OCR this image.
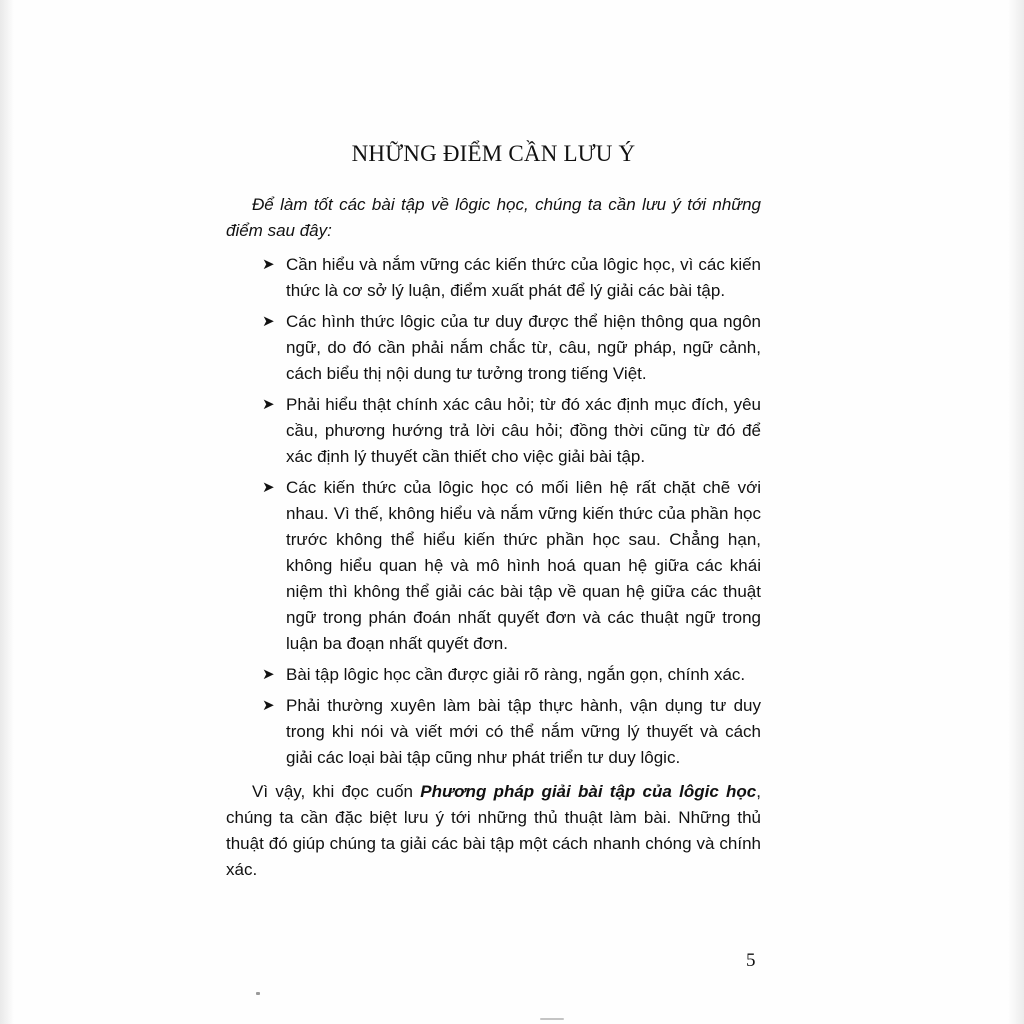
NHỮNG ĐIỂM CẦN LƯU Ý

Để làm tốt các bài tập về lôgic học, chúng ta cần lưu ý tới những điểm sau đây:

➤ Cần hiểu và nắm vững các kiến thức của lôgic học, vì các kiến thức là cơ sở lý luận, điểm xuất phát để lý giải các bài tập.
➤ Các hình thức lôgic của tư duy được thể hiện thông qua ngôn ngữ, do đó cần phải nắm chắc từ, câu, ngữ pháp, ngữ cảnh, cách biểu thị nội dung tư tưởng trong tiếng Việt.
➤ Phải hiểu thật chính xác câu hỏi; từ đó xác định mục đích, yêu cầu, phương hướng trả lời câu hỏi; đồng thời cũng từ đó để xác định lý thuyết cần thiết cho việc giải bài tập.
➤ Các kiến thức của lôgic học có mối liên hệ rất chặt chẽ với nhau. Vì thế, không hiểu và nắm vững kiến thức của phần học trước không thể hiểu kiến thức phần học sau. Chẳng hạn, không hiểu quan hệ và mô hình hoá quan hệ giữa các khái niệm thì không thể giải các bài tập về quan hệ giữa các thuật ngữ trong phán đoán nhất quyết đơn và các thuật ngữ trong luận ba đoạn nhất quyết đơn.
➤ Bài tập lôgic học cần được giải rõ ràng, ngắn gọn, chính xác.
➤ Phải thường xuyên làm bài tập thực hành, vận dụng tư duy trong khi nói và viết mới có thể nắm vững lý thuyết và cách giải các loại bài tập cũng như phát triển tư duy lôgic.

Vì vậy, khi đọc cuốn Phương pháp giải bài tập của lôgic học, chúng ta cần đặc biệt lưu ý tới những thủ thuật làm bài. Những thủ thuật đó giúp chúng ta giải các bài tập một cách nhanh chóng và chính xác.

5
